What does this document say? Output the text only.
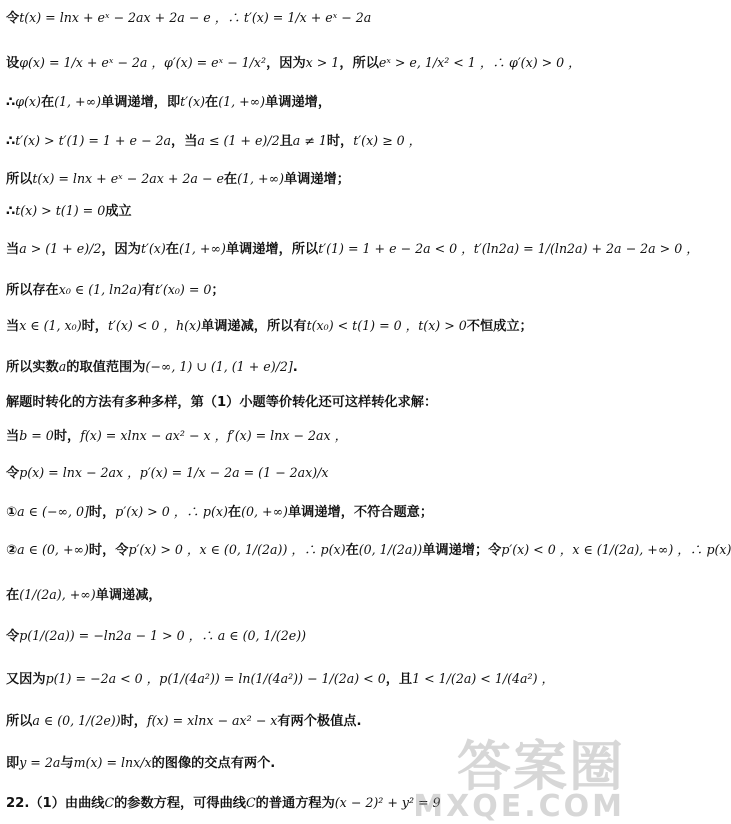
令t(x) = lnx + eˣ − 2ax + 2a − e ，∴ t′(x) = 1/x + eˣ − 2a
设φ(x) = 1/x + eˣ − 2a ，φ′(x) = eˣ − 1/x²，因为x > 1，所以eˣ > e, 1/x² < 1 ，∴ φ′(x) > 0 ，
∴φ(x)在(1, +∞)单调递增，即t′(x)在(1, +∞)单调递增，
∴t′(x) > t′(1) = 1 + e − 2a，当a ≤ (1 + e)/2且a ≠ 1时，t′(x) ≥ 0 ，
所以t(x) = lnx + eˣ − 2ax + 2a − e在(1, +∞)单调递增；
∴t(x) > t(1) = 0成立
当a > (1 + e)/2，因为t′(x)在(1, +∞)单调递增，所以t′(1) = 1 + e − 2a < 0 ，t′(ln2a) = 1/(ln2a) + 2a − 2a > 0 ，
所以存在x₀ ∈ (1, ln2a)有t′(x₀) = 0；
当x ∈ (1, x₀)时，t′(x) < 0 ，h(x)单调递减，所以有t(x₀) < t(1) = 0 ，t(x) > 0不恒成立；
所以实数a的取值范围为(−∞, 1) ∪ (1, (1 + e)/2].
解题时转化的方法有多种多样，第（1）小题等价转化还可这样转化求解：
当b = 0时，f(x) = xlnx − ax² − x ，f′(x) = lnx − 2ax ，
令p(x) = lnx − 2ax ，p′(x) = 1/x − 2a = (1 − 2ax)/x
①a ∈ (−∞, 0]时，p′(x) > 0 ，∴ p(x)在(0, +∞)单调递增，不符合题意；
②a ∈ (0, +∞)时，令p′(x) > 0 ，x ∈ (0, 1/(2a)) ，∴ p(x)在(0, 1/(2a))单调递增；令p′(x) < 0 ，x ∈ (1/(2a), +∞) ，∴ p(x)
在(1/(2a), +∞)单调递减，
令p(1/(2a)) = −ln2a − 1 > 0 ，∴ a ∈ (0, 1/(2e))
又因为p(1) = −2a < 0 ，p(1/(4a²)) = ln(1/(4a²)) − 1/(2a) < 0，且1 < 1/(2a) < 1/(4a²) ，
所以a ∈ (0, 1/(2e))时，f(x) = xlnx − ax² − x有两个极值点.
即y = 2a与m(x) = lnx/x的图像的交点有两个.
22.（1）由曲线C的参数方程，可得曲线C的普通方程为(x − 2)² + y² = 9
答案圈
MXQE.COM
